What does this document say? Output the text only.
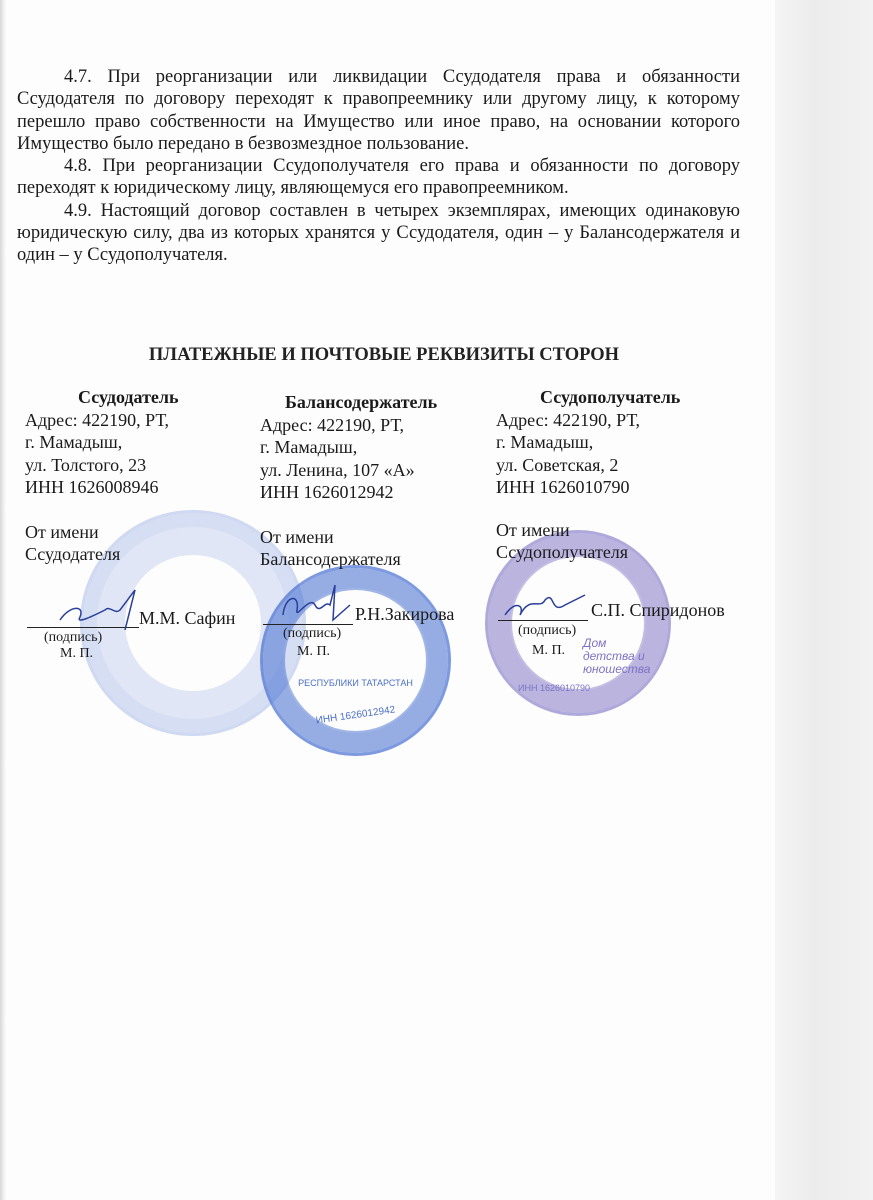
4.7. При реорганизации или ликвидации Ссудодателя права и обязанности Ссудодателя по договору переходят к правопреемнику или другому лицу, к которому перешло право собственности на Имущество или иное право, на основании которого Имущество было передано в безвозмездное пользование.

4.8. При реорганизации Ссудополучателя его права и обязанности по договору переходят к юридическому лицу, являющемуся его правопреемником.

4.9. Настоящий договор составлен в четырех экземплярах, имеющих одинаковую юридическую силу, два из которых хранятся у Ссудодателя, один – у Балансодержателя и один – у Ссудополучателя.

ПЛАТЕЖНЫЕ И ПОЧТОВЫЕ РЕКВИЗИТЫ СТОРОН
РЕСПУБЛИКИ ТАТАРСТАН
ИНН 1626012942
Дом детства и юношества
ИНН 1626010790
Ссудодатель
Адрес: 422190, РТ,
г. Мамадыш,
ул. Толстого, 23
ИНН 1626008946
От имени
Ссудодателя
Балансодержатель
Адрес: 422190, РТ,
г. Мамадыш,
ул. Ленина, 107 «А»
ИНН 1626012942
От имени
Балансодержателя
Ссудополучатель
Адрес: 422190, РТ,
г. Мамадыш,
ул. Советская, 2
ИНН 1626010790
От имени
Ссудополучателя
М.М. Сафин	Р.Н.Закирова	С.П. Спиридонов
(подпись)
М. П.
(подпись)
М. П.
(подпись)
М. П.
